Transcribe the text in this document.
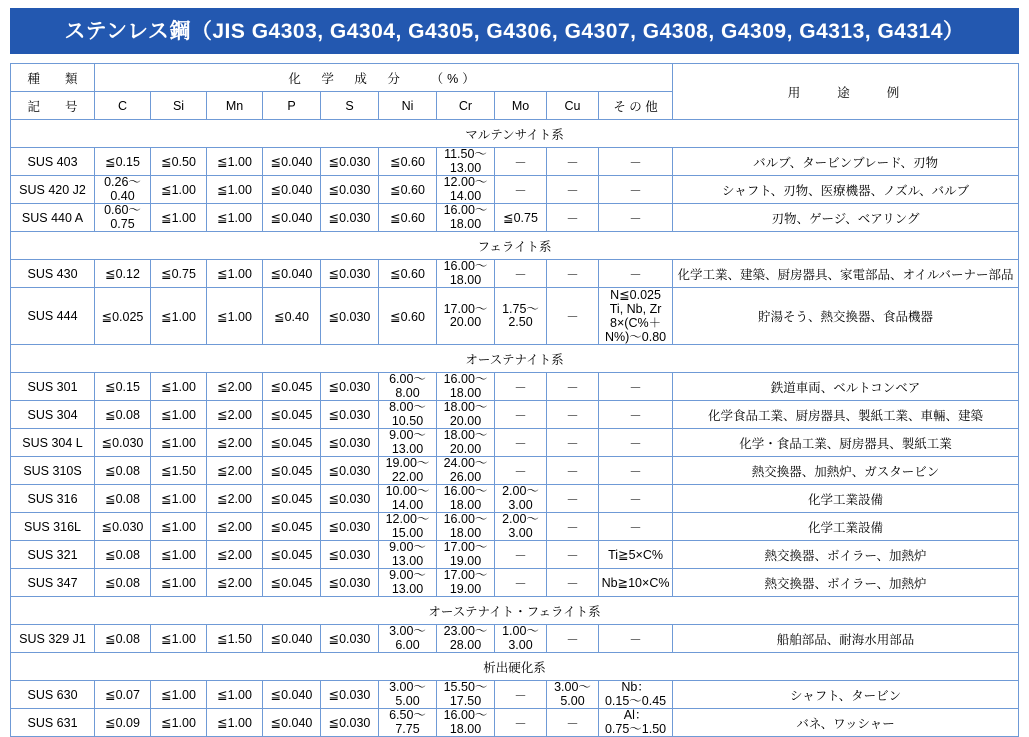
ステンレス鋼（JIS G4303, G4304, G4305, G4306, G4307, G4308, G4309, G4313, G4314）
種　　類	化　学　成　分　　（%）										用　　途　　例
記　　号	C	Si	Mn	P	S	Ni	Cr	Mo	Cu	そ の 他	
マルテンサイト系											
SUS 403	≦0.15	≦0.50	≦1.00	≦0.040	≦0.030	≦0.60	11.50～
13.00	－	－	－	バルブ、タービンブレード、刃物
SUS 420 J2	0.26～
0.40	≦1.00	≦1.00	≦0.040	≦0.030	≦0.60	12.00～
14.00	－	－	－	シャフト、刃物、医療機器、ノズル、バルブ
SUS 440 A	0.60～
0.75	≦1.00	≦1.00	≦0.040	≦0.030	≦0.60	16.00～
18.00	≦0.75	－	－	刃物、ゲージ、ベアリング
フェライト系											
SUS 430	≦0.12	≦0.75	≦1.00	≦0.040	≦0.030	≦0.60	16.00～
18.00	－	－	－	化学工業、建築、厨房器具、家電部品、オイルバーナー部品
SUS 444	≦0.025	≦1.00	≦1.00	≦0.40	≦0.030	≦0.60	17.00～
20.00	1.75～
2.50	－	N≦0.025
Ti, Nb, Zr
8×(C%＋N%)～0.80	貯湯そう、熱交換器、食品機器
オーステナイト系											
SUS 301	≦0.15	≦1.00	≦2.00	≦0.045	≦0.030	6.00～
8.00	16.00～
18.00	－	－	－	鉄道車両、ベルトコンベア
SUS 304	≦0.08	≦1.00	≦2.00	≦0.045	≦0.030	8.00～
10.50	18.00～
20.00	－	－	－	化学食品工業、厨房器具、製紙工業、車輛、建築
SUS 304 L	≦0.030	≦1.00	≦2.00	≦0.045	≦0.030	9.00～
13.00	18.00～
20.00	－	－	－	化学・食品工業、厨房器具、製紙工業
SUS 310S	≦0.08	≦1.50	≦2.00	≦0.045	≦0.030	19.00～
22.00	24.00～
26.00	－	－	－	熱交換器、加熱炉、ガスタービン
SUS 316	≦0.08	≦1.00	≦2.00	≦0.045	≦0.030	10.00～
14.00	16.00～
18.00	2.00～
3.00	－	－	化学工業設備
SUS 316L	≦0.030	≦1.00	≦2.00	≦0.045	≦0.030	12.00～
15.00	16.00～
18.00	2.00～
3.00	－	－	化学工業設備
SUS 321	≦0.08	≦1.00	≦2.00	≦0.045	≦0.030	9.00～
13.00	17.00～
19.00	－	－	Ti≧5×C%	熱交換器、ボイラー、加熱炉
SUS 347	≦0.08	≦1.00	≦2.00	≦0.045	≦0.030	9.00～
13.00	17.00～
19.00	－	－	Nb≧10×C%	熱交換器、ボイラー、加熱炉
オーステナイト・フェライト系											
SUS 329 J1	≦0.08	≦1.00	≦1.50	≦0.040	≦0.030	3.00～
6.00	23.00～
28.00	1.00～
3.00	－	－	船舶部品、耐海水用部品
析出硬化系											
SUS 630	≦0.07	≦1.00	≦1.00	≦0.040	≦0.030	3.00～
5.00	15.50～
17.50	－	3.00～
5.00	Nb：
0.15～0.45	シャフト、タービン
SUS 631	≦0.09	≦1.00	≦1.00	≦0.040	≦0.030	6.50～
7.75	16.00～
18.00	－	－	Al：
0.75～1.50	バネ、ワッシャー
